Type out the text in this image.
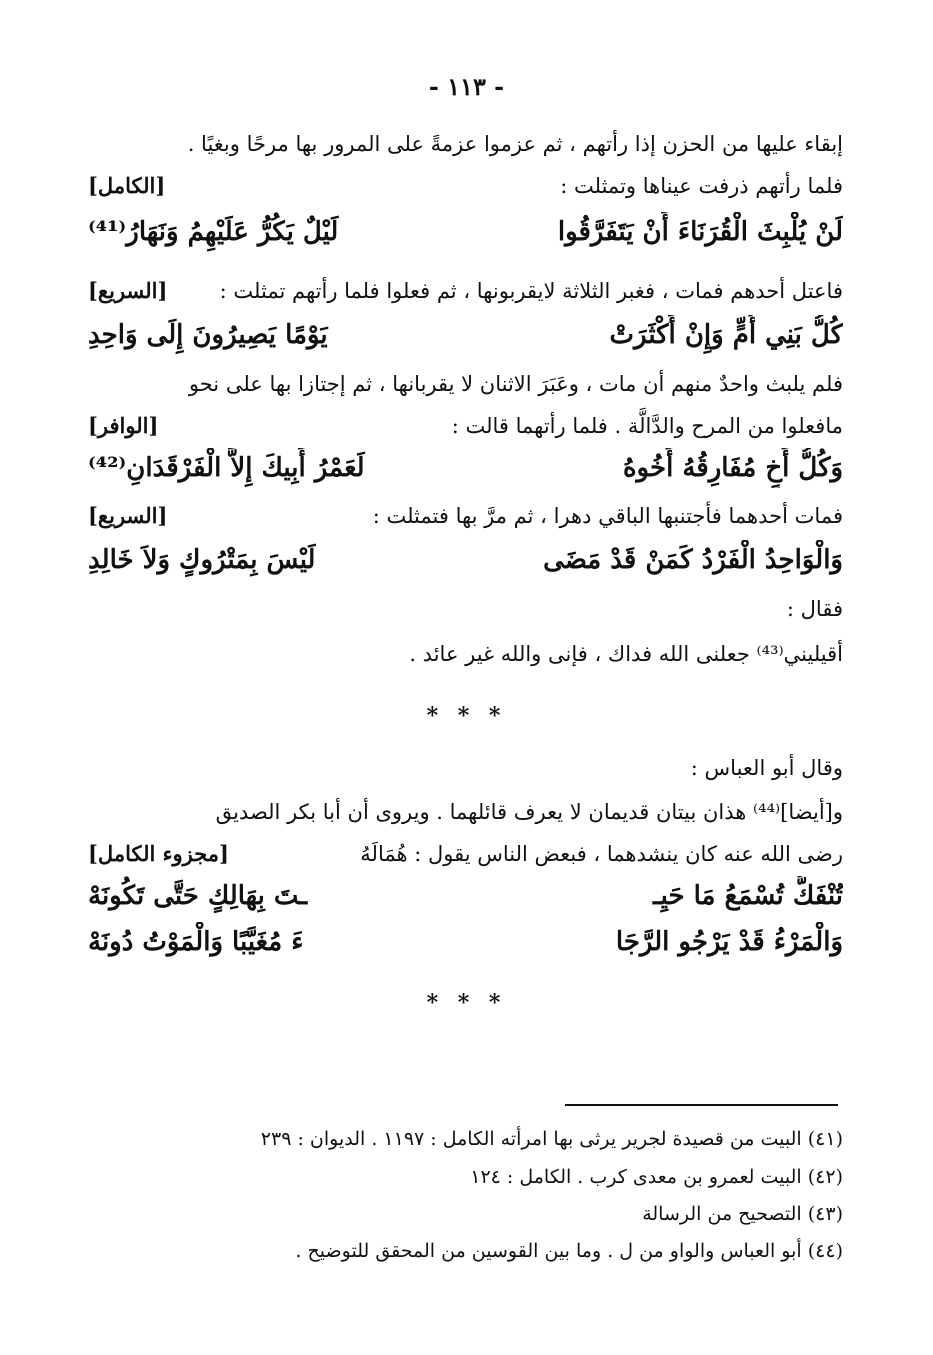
- ١١٣ -
إبقاء عليها من الحزن إذا رأتهم ، ثم عزموا عزمةً على المرور بها مرحًا وبغيًا .
فلما رأتهم ذرفت عيناها وتمثلت :
[الكامل]
لَنْ يُلْبِثَ الْقُرَنَاءَ أَنْ يَتَفَرَّقُوا
لَيْلٌ يَكُرُّ عَلَيْهِمُ وَنَهَارُ⁽⁴¹⁾
فاعتل أحدهم فمات ، فغبر الثلاثة لايقربونها ، ثم فعلوا فلما رأتهم تمثلت :
[السريع]
كُلُّ بَنِي أُمٍّ وَإِنْ أَكْثَرَتْ
يَوْمًا يَصِيرُونَ إِلَى وَاحِدِ
فلم يلبث واحدٌ منهم أن مات ، وعَبَرَ الاثنان لا يقربانها ، ثم إجتازا بها على نحو
مافعلوا من المرح والدَّالَّة . فلما رأتهما قالت :
[الوافر]
وَكُلُّ أَخٍ مُفَارِقُهُ أَخُوهُ
لَعَمْرُ أَبِيكَ إِلاَّ الْفَرْقَدَانِ⁽⁴²⁾
فمات أحدهما فأجتنبها الباقي دهرا ، ثم مرَّ بها فتمثلت :
[السريع]
وَالْوَاحِدُ الْفَرْدُ كَمَنْ قَدْ مَضَى
لَيْسَ بِمَتْرُوكٍ وَلاَ خَالِدِ
فقال :
أقيليني⁽⁴³⁾ جعلنى الله فداك ، فإنى والله غير عائد .
* * *
وقال أبو العباس :
و[أيضا]⁽⁴⁴⁾ هذان بيتان قديمان لا يعرف قائلهما . ويروى أن أبا بكر الصديق
رضى الله عنه كان ينشدهما ، فبعض الناس يقول : هُمَالَهُ
[مجزوء الكامل]
تُنْفَكُّ تُسْمَعُ مَا حَيِـ
ـتَ بِهَالِكٍ حَتَّى تَكُونَهْ
وَالْمَرْءُ قَدْ يَرْجُو الرَّجَا
ءَ مُغَيَّبًا وَالْمَوْتُ دُونَهْ
* * *
(٤١) البيت من قصيدة لجرير يرثى بها امرأته الكامل : ١١٩٧ . الديوان : ٢٣٩
(٤٢) البيت لعمرو بن معدى كرب . الكامل : ١٢٤
(٤٣) التصحيح من الرسالة
(٤٤) أبو العباس والواو من ل . وما بين القوسين من المحقق للتوضيح .
